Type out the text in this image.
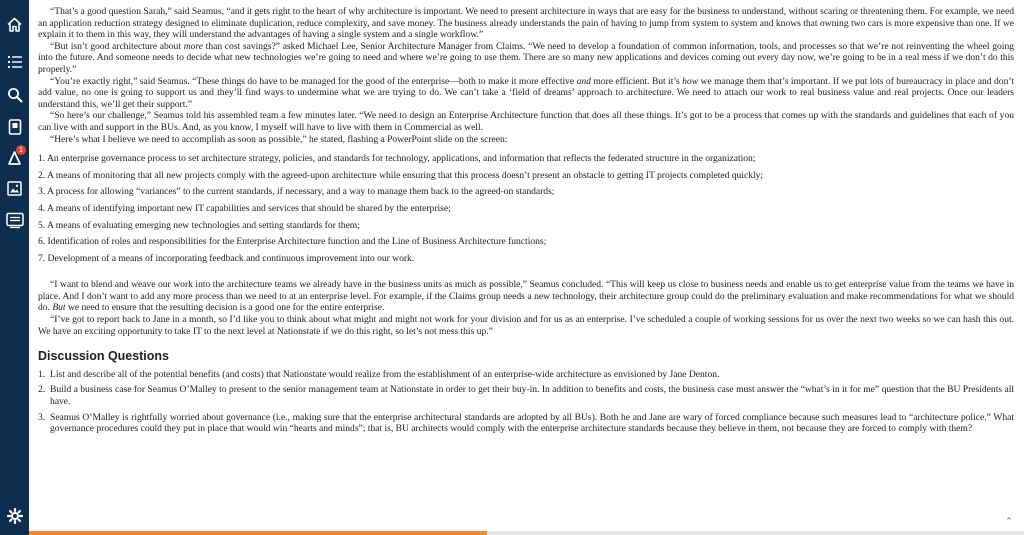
1

“That’s a good question Sarah,” said Seamus, “and it gets right to the heart of why architecture is important. We need to present architecture in ways that are easy for the business to understand, without scaring or threatening them. For example, we need an application reduction strategy designed to eliminate duplication, reduce complexity, and save money. The business already understands the pain of having to jump from system to system and knows that owning two cars is more expensive than one. If we explain it to them in this way, they will understand the advantages of having a single system and a single workflow.”

“But isn’t good architecture about more than cost savings?” asked Michael Lee, Senior Architecture Manager from Claims. “We need to develop a foundation of common information, tools, and processes so that we’re not reinventing the wheel going into the future. And someone needs to decide what new technologies we’re going to need and where we’re going to use them. There are so many new applications and devices coming out every day now, we’re going to be in a real mess if we don’t do this properly.”

“You’re exactly right,” said Seamus. “These things do have to be managed for the good of the enterprise—both to make it more effective and more efficient. But it’s how we manage them that’s important. If we put lots of bureaucracy in place and don’t add value, no one is going to support us and they’ll find ways to undermine what we are trying to do. We can’t take a ‘field of dreams’ approach to architecture. We need to attach our work to real business value and real projects. Once our leaders understand this, we’ll get their support.”

“So here’s our challenge,” Seamus told his assembled team a few minutes later. “We need to design an Enterprise Architecture function that does all these things. It’s got to be a process that comes up with the standards and guidelines that each of you can live with and support in the BUs. And, as you know, I myself will have to live with them in Commercial as well.

“Here’s what I believe we need to accomplish as soon as possible,” he stated, flashing a PowerPoint slide on the screen:

1. An enterprise governance process to set architecture strategy, policies, and standards for technology, applications, and information that reflects the federated structure in the organization;
2. A means of monitoring that all new projects comply with the agreed-upon architecture while ensuring that this process doesn’t present an obstacle to getting IT projects completed quickly;
3. A process for allowing “variances” to the current standards, if necessary, and a way to manage them back to the agreed-on standards;
4. A means of identifying important new IT capabilities and services that should be shared by the enterprise;
5. A means of evaluating emerging new technologies and setting standards for them;
6. Identification of roles and responsibilities for the Enterprise Architecture function and the Line of Business Architecture functions;
7. Development of a means of incorporating feedback and continuous improvement into our work.

“I want to blend and weave our work into the architecture teams we already have in the business units as much as possible,” Seamus concluded. “This will keep us close to business needs and enable us to get enterprise value from the teams we have in place. And I don’t want to add any more process than we need to at an enterprise level. For example, if the Claims group needs a new technology, their architecture group could do the preliminary evaluation and make recommendations for what we should do. But we need to ensure that the resulting decision is a good one for the entire enterprise.

“I’ve got to report back to Jane in a month, so I’d like you to think about what might and might not work for your division and for us as an enterprise. I’ve scheduled a couple of working sessions for us over the next two weeks so we can hash this out. We have an exciting opportunity to take IT to the next level at Nationstate if we do this right, so let’s not mess this up.”

Discussion Questions
1. List and describe all of the potential benefits (and costs) that Nationstate would realize from the establishment of an enterprise-wide architecture as envisioned by Jane Denton.
2. Build a business case for Seamus O’Malley to present to the senior management team at Nationstate in order to get their buy-in. In addition to benefits and costs, the business case must answer the “what’s in it for me” question that the BU Presidents all have.
3. Seamus O’Malley is rightfully worried about governance (i.e., making sure that the enterprise architectural standards are adopted by all BUs). Both he and Jane are wary of forced compliance because such measures lead to “architecture police.” What governance procedures could they put in place that would win “hearts and minds”; that is, BU architects would comply with the enterprise architecture standards because they believe in them, not because they are forced to comply with them?
⌃
